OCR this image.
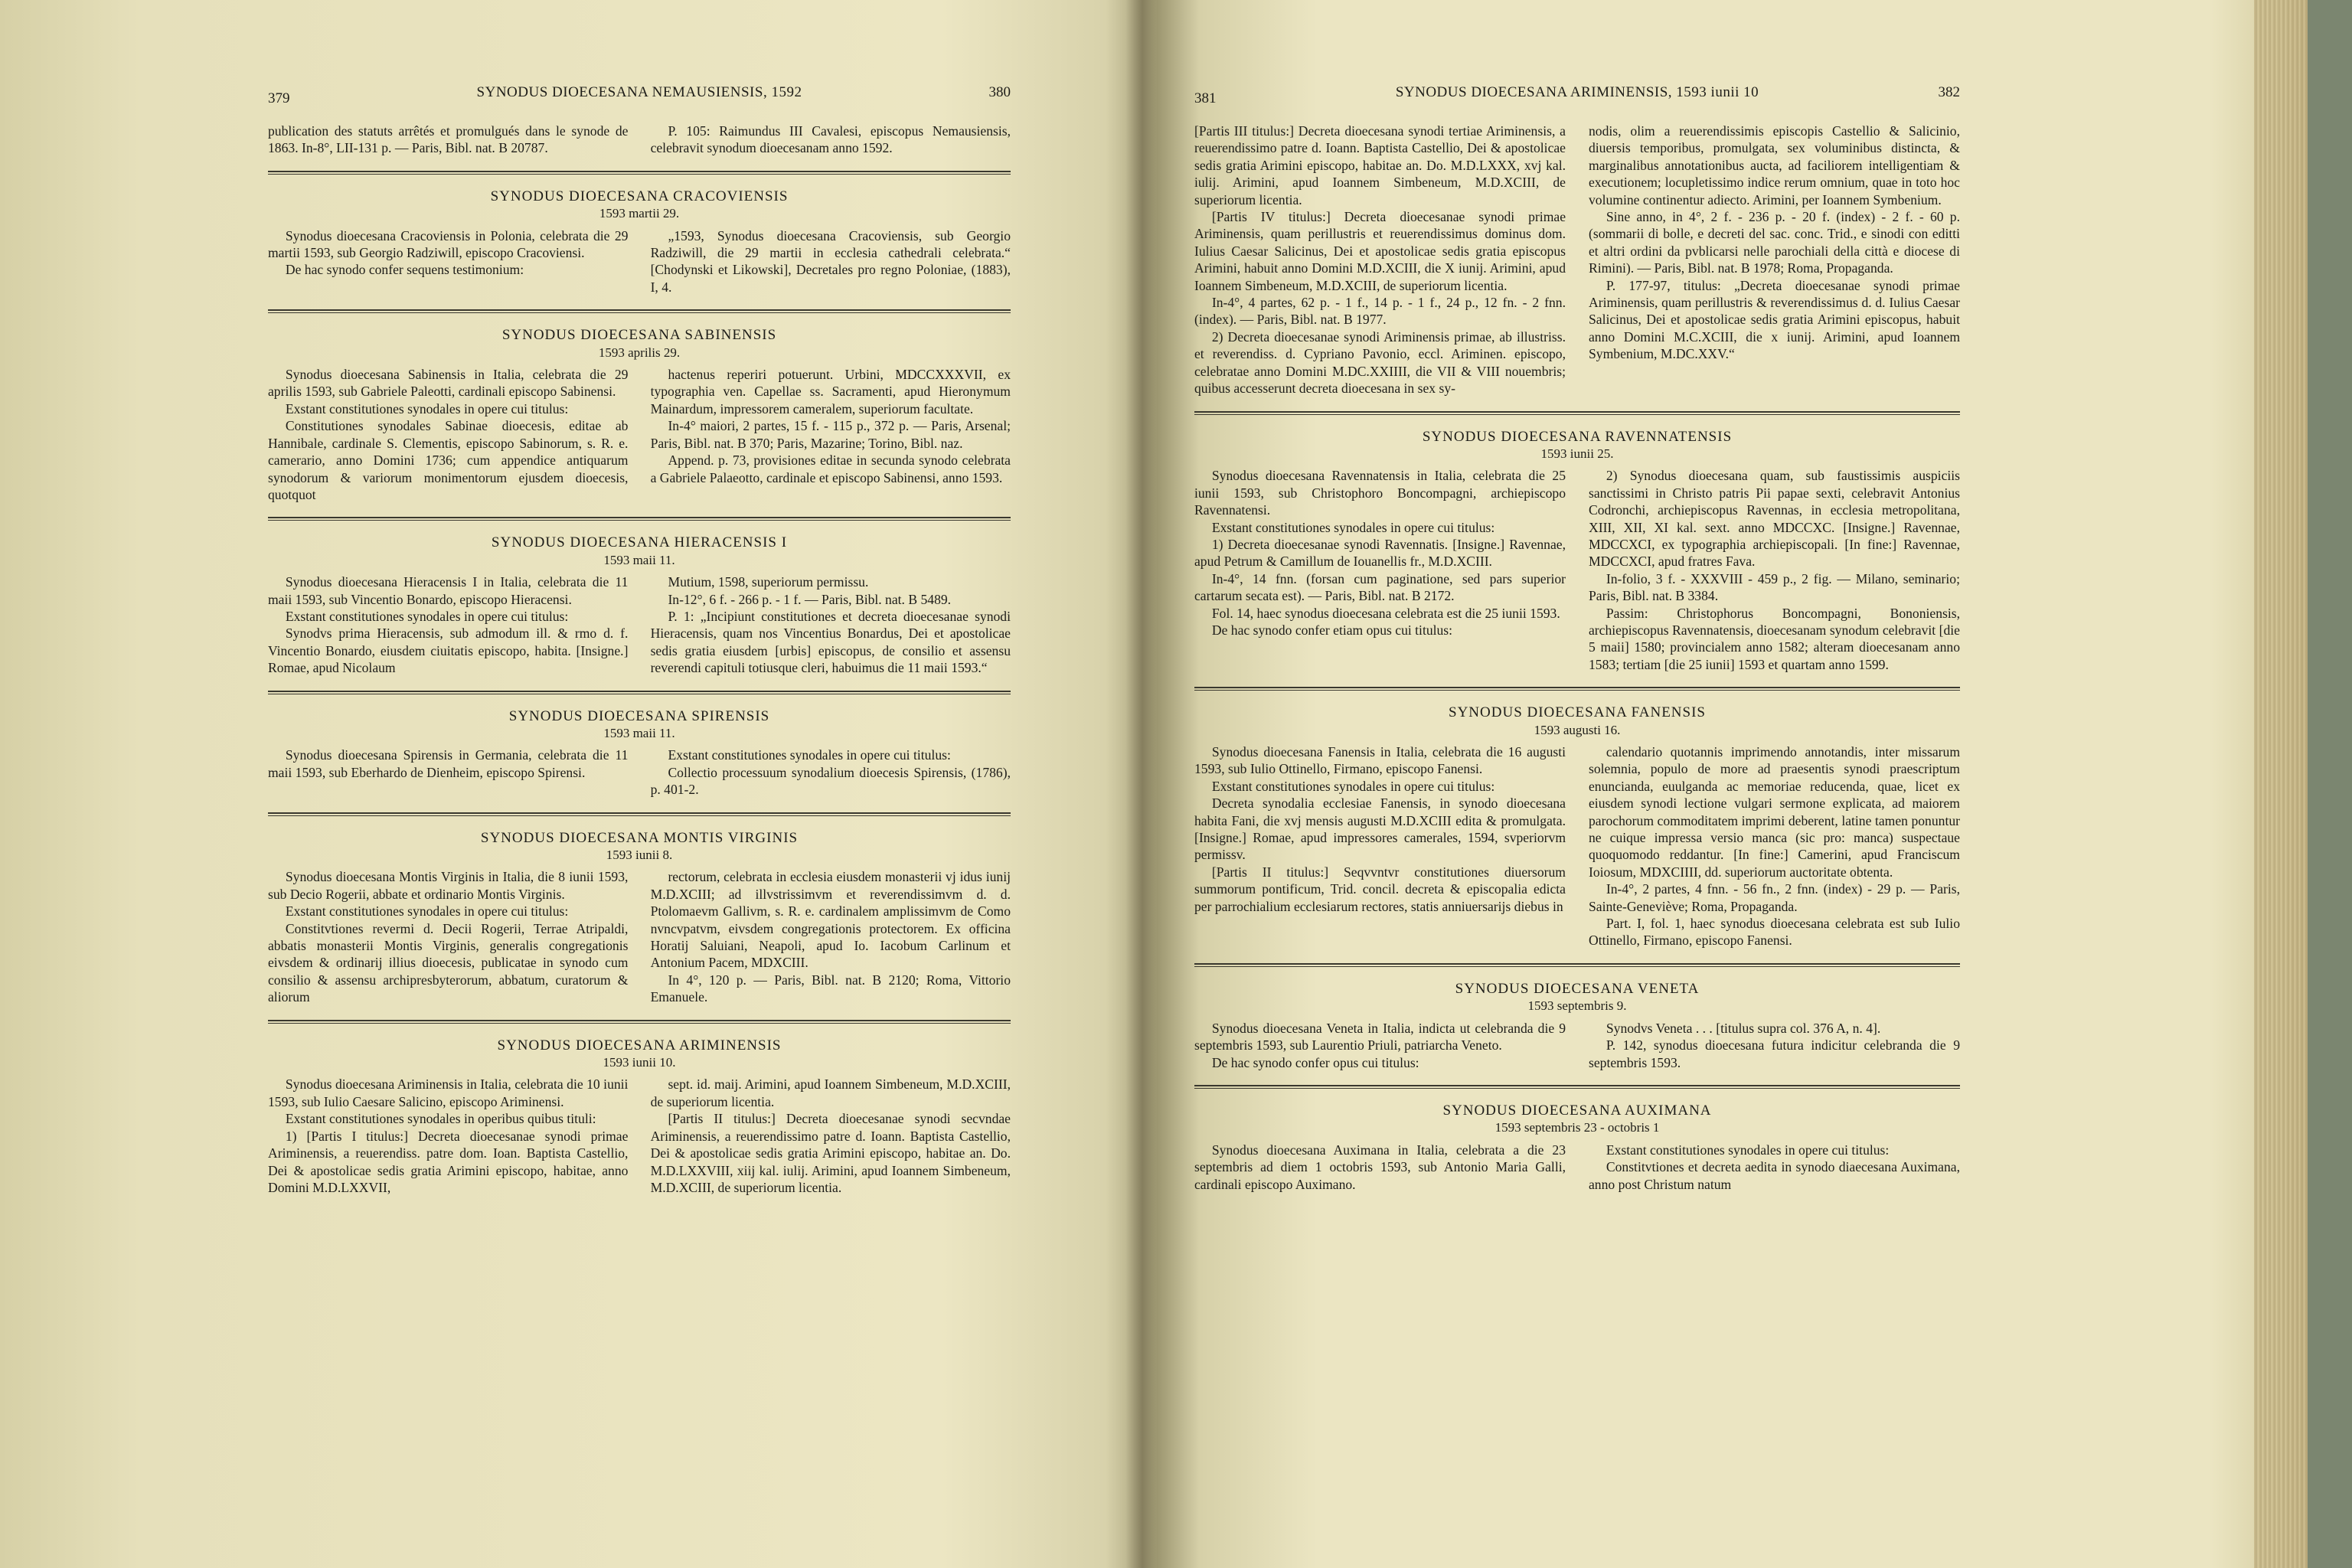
379	SYNODUS DIOECESANA NEMAUSIENSIS, 1592	380

publication des statuts arrêtés et promulgués dans le synode de 1863. In-8°, LII-131 p. — Paris, Bibl. nat. B 20787.

P. 105: Raimundus III Cavalesi, episcopus Nemausiensis, celebravit synodum dioecesanam anno 1592.

SYNODUS DIOECESANA CRACOVIENSIS
1593 martii 29.

Synodus dioecesana Cracoviensis in Polonia, celebrata die 29 martii 1593, sub Georgio Radziwill, episcopo Cracoviensi.

De hac synodo confer sequens testimonium:

„1593, Synodus dioecesana Cracoviensis, sub Georgio Radziwill, die 29 martii in ecclesia cathedrali celebrata.“ [Chodynski et Likowski], Decretales pro regno Poloniae, (1883), I, 4.

SYNODUS DIOECESANA SABINENSIS
1593 aprilis 29.

Synodus dioecesana Sabinensis in Italia, celebrata die 29 aprilis 1593, sub Gabriele Paleotti, cardinali episcopo Sabinensi.

Exstant constitutiones synodales in opere cui titulus:

Constitutiones synodales Sabinae dioecesis, editae ab Hannibale, cardinale S. Clementis, episcopo Sabinorum, s. R. e. camerario, anno Domini 1736; cum appendice antiquarum synodorum & variorum monimentorum ejusdem dioecesis, quotquot

hactenus reperiri potuerunt. Urbini, MDCCXXXVII, ex typographia ven. Capellae ss. Sacramenti, apud Hieronymum Mainardum, impressorem cameralem, superiorum facultate.

In-4° maiori, 2 partes, 15 f. - 115 p., 372 p. — Paris, Arsenal; Paris, Bibl. nat. B 370; Paris, Mazarine; Torino, Bibl. naz.

Append. p. 73, provisiones editae in secunda synodo celebrata a Gabriele Palaeotto, cardinale et episcopo Sabinensi, anno 1593.

SYNODUS DIOECESANA HIERACENSIS I
1593 maii 11.

Synodus dioecesana Hieracensis I in Italia, celebrata die 11 maii 1593, sub Vincentio Bonardo, episcopo Hieracensi.

Exstant constitutiones synodales in opere cui titulus:

Synodvs prima Hieracensis, sub admodum ill. & rmo d. f. Vincentio Bonardo, eiusdem ciuitatis episcopo, habita. [Insigne.] Romae, apud Nicolaum

Mutium, 1598, superiorum permissu.

In-12°, 6 f. - 266 p. - 1 f. — Paris, Bibl. nat. B 5489.

P. 1: „Incipiunt constitutiones et decreta dioecesanae synodi Hieracensis, quam nos Vincentius Bonardus, Dei et apostolicae sedis gratia eiusdem [urbis] episcopus, de consilio et assensu reverendi capituli totiusque cleri, habuimus die 11 maii 1593.“

SYNODUS DIOECESANA SPIRENSIS
1593 maii 11.

Synodus dioecesana Spirensis in Germania, celebrata die 11 maii 1593, sub Eberhardo de Dienheim, episcopo Spirensi.

Exstant constitutiones synodales in opere cui titulus:

Collectio processuum synodalium dioecesis Spirensis, (1786), p. 401-2.

SYNODUS DIOECESANA MONTIS VIRGINIS
1593 iunii 8.

Synodus dioecesana Montis Virginis in Italia, die 8 iunii 1593, sub Decio Rogerii, abbate et ordinario Montis Virginis.

Exstant constitutiones synodales in opere cui titulus:

Constitvtiones revermi d. Decii Rogerii, Terrae Atripaldi, abbatis monasterii Montis Virginis, generalis congregationis eivsdem & ordinarij illius dioecesis, publicatae in synodo cum consilio & assensu archipresbyterorum, abbatum, curatorum & aliorum

rectorum, celebrata in ecclesia eiusdem monasterii vj idus iunij M.D.XCIII; ad illvstrissimvm et reverendissimvm d. d. Ptolomaevm Gallivm, s. R. e. cardinalem amplissimvm de Como nvncvpatvm, eivsdem congregationis protectorem. Ex officina Horatij Saluiani, Neapoli, apud Io. Iacobum Carlinum et Antonium Pacem, MDXCIII.

In 4°, 120 p. — Paris, Bibl. nat. B 2120; Roma, Vittorio Emanuele.

SYNODUS DIOECESANA ARIMINENSIS
1593 iunii 10.

Synodus dioecesana Ariminensis in Italia, celebrata die 10 iunii 1593, sub Iulio Caesare Salicino, episcopo Ariminensi.

Exstant constitutiones synodales in operibus quibus tituli:

1) [Partis I titulus:] Decreta dioecesanae synodi primae Ariminensis, a reuerendiss. patre dom. Ioan. Baptista Castellio, Dei & apostolicae sedis gratia Arimini episcopo, habitae, anno Domini M.D.LXXVII,

sept. id. maij. Arimini, apud Ioannem Simbeneum, M.D.XCIII, de superiorum licentia.

[Partis II titulus:] Decreta dioecesanae synodi secvndae Ariminensis, a reuerendissimo patre d. Ioann. Baptista Castellio, Dei & apostolicae sedis gratia Arimini episcopo, habitae an. Do. M.D.LXXVIII, xiij kal. iulij. Arimini, apud Ioannem Simbeneum, M.D.XCIII, de superiorum licentia.

381	SYNODUS DIOECESANA ARIMINENSIS, 1593 iunii 10	382

[Partis III titulus:] Decreta dioecesana synodi tertiae Ariminensis, a reuerendissimo patre d. Ioann. Baptista Castellio, Dei & apostolicae sedis gratia Arimini episcopo, habitae an. Do. M.D.LXXX, xvj kal. iulij. Arimini, apud Ioannem Simbeneum, M.D.XCIII, de superiorum licentia.

[Partis IV titulus:] Decreta dioecesanae synodi primae Ariminensis, quam perillustris et reuerendissimus dominus dom. Iulius Caesar Salicinus, Dei et apostolicae sedis gratia episcopus Arimini, habuit anno Domini M.D.XCIII, die X iunij. Arimini, apud Ioannem Simbeneum, M.D.XCIII, de superiorum licentia.

In-4°, 4 partes, 62 p. - 1 f., 14 p. - 1 f., 24 p., 12 fn. - 2 fnn. (index). — Paris, Bibl. nat. B 1977.

2) Decreta dioecesanae synodi Ariminensis primae, ab illustriss. et reverendiss. d. Cypriano Pavonio, eccl. Ariminen. episcopo, celebratae anno Domini M.DC.XXIIII, die VII & VIII nouembris; quibus accesserunt decreta dioecesana in sex sy-

nodis, olim a reuerendissimis episcopis Castellio & Salicinio, diuersis temporibus, promulgata, sex voluminibus distincta, & marginalibus annotationibus aucta, ad faciliorem intelligentiam & executionem; locupletissimo indice rerum omnium, quae in toto hoc volumine continentur adiecto. Arimini, per Ioannem Symbenium.

Sine anno, in 4°, 2 f. - 236 p. - 20 f. (index) - 2 f. - 60 p. (sommarii di bolle, e decreti del sac. conc. Trid., e sinodi con editti et altri ordini da pvblicarsi nelle parochiali della città e diocese di Rimini). — Paris, Bibl. nat. B 1978; Roma, Propaganda.

P. 177-97, titulus: „Decreta dioecesanae synodi primae Ariminensis, quam perillustris & reverendissimus d. d. Iulius Caesar Salicinus, Dei et apostolicae sedis gratia Arimini episcopus, habuit anno Domini M.C.XCIII, die x iunij. Arimini, apud Ioannem Symbenium, M.DC.XXV.“

SYNODUS DIOECESANA RAVENNATENSIS
1593 iunii 25.

Synodus dioecesana Ravennatensis in Italia, celebrata die 25 iunii 1593, sub Christophoro Boncompagni, archiepiscopo Ravennatensi.

Exstant constitutiones synodales in opere cui titulus:

1) Decreta dioecesanae synodi Ravennatis. [Insigne.] Ravennae, apud Petrum & Camillum de Iouanellis fr., M.D.XCIII.

In-4°, 14 fnn. (forsan cum paginatione, sed pars superior cartarum secata est). — Paris, Bibl. nat. B 2172.

Fol. 14, haec synodus dioecesana celebrata est die 25 iunii 1593.

De hac synodo confer etiam opus cui titulus:

2) Synodus dioecesana quam, sub faustissimis auspiciis sanctissimi in Christo patris Pii papae sexti, celebravit Antonius Codronchi, archiepiscopus Ravennas, in ecclesia metropolitana, XIII, XII, XI kal. sext. anno MDCCXC. [Insigne.] Ravennae, MDCCXCI, ex typographia archiepiscopali. [In fine:] Ravennae, MDCCXCI, apud fratres Fava.

In-folio, 3 f. - XXXVIII - 459 p., 2 fig. — Milano, seminario; Paris, Bibl. nat. B 3384.

Passim: Christophorus Boncompagni, Bononiensis, archiepiscopus Ravennatensis, dioecesanam synodum celebravit [die 5 maii] 1580; provincialem anno 1582; alteram dioecesanam anno 1583; tertiam [die 25 iunii] 1593 et quartam anno 1599.

SYNODUS DIOECESANA FANENSIS
1593 augusti 16.

Synodus dioecesana Fanensis in Italia, celebrata die 16 augusti 1593, sub Iulio Ottinello, Firmano, episcopo Fanensi.

Exstant constitutiones synodales in opere cui titulus:

Decreta synodalia ecclesiae Fanensis, in synodo dioecesana habita Fani, die xvj mensis augusti M.D.XCIII edita & promulgata. [Insigne.] Romae, apud impressores camerales, 1594, svperiorvm permissv.

[Partis II titulus:] Seqvvntvr constitutiones diuersorum summorum pontificum, Trid. concil. decreta & episcopalia edicta per parrochialium ecclesiarum rectores, statis anniuersarijs diebus in

calendario quotannis imprimendo annotandis, inter missarum solemnia, populo de more ad praesentis synodi praescriptum enuncianda, euulganda ac memoriae reducenda, quae, licet ex eiusdem synodi lectione vulgari sermone explicata, ad maiorem parochorum commoditatem imprimi deberent, latine tamen ponuntur ne cuique impressa versio manca (sic pro: manca) suspectaue quoquomodo reddantur. [In fine:] Camerini, apud Franciscum Ioiosum, MDXCIIII, dd. superiorum auctoritate obtenta.

In-4°, 2 partes, 4 fnn. - 56 fn., 2 fnn. (index) - 29 p. — Paris, Sainte-Geneviève; Roma, Propaganda.

Part. I, fol. 1, haec synodus dioecesana celebrata est sub Iulio Ottinello, Firmano, episcopo Fanensi.

SYNODUS DIOECESANA VENETA
1593 septembris 9.

Synodus dioecesana Veneta in Italia, indicta ut celebranda die 9 septembris 1593, sub Laurentio Priuli, patriarcha Veneto.

De hac synodo confer opus cui titulus:

Synodvs Veneta . . . [titulus supra col. 376 A, n. 4].

P. 142, synodus dioecesana futura indicitur celebranda die 9 septembris 1593.

SYNODUS DIOECESANA AUXIMANA
1593 septembris 23 - octobris 1

Synodus dioecesana Auximana in Italia, celebrata a die 23 septembris ad diem 1 octobris 1593, sub Antonio Maria Galli, cardinali episcopo Auximano.

Exstant constitutiones synodales in opere cui titulus:

Constitvtiones et decreta aedita in synodo diaecesana Auximana, anno post Christum natum
